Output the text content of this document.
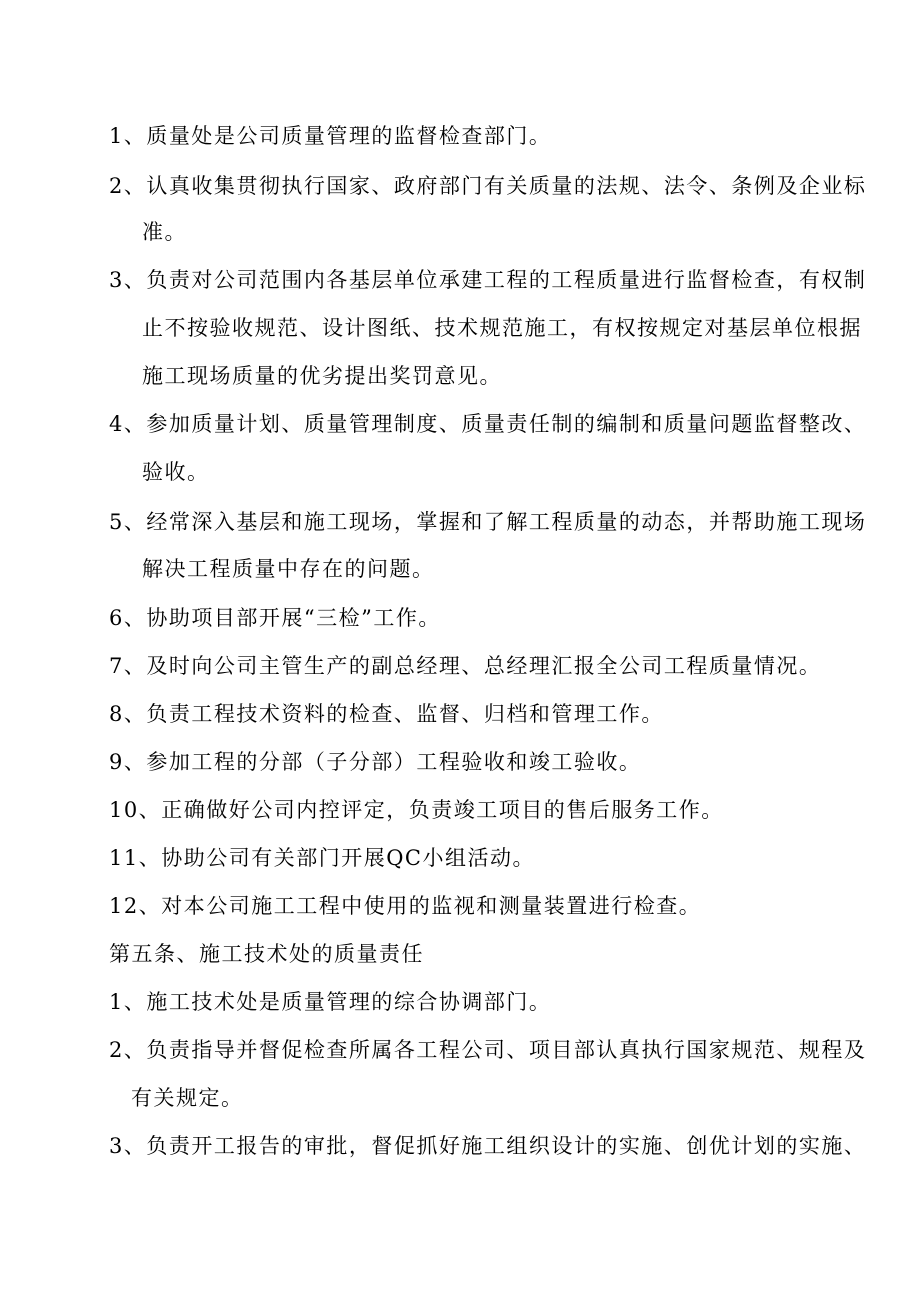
1、质量处是公司质量管理的监督检查部门。
2、认真收集贯彻执行国家、政府部门有关质量的法规、法令、条例及企业标
准。
3、负责对公司范围内各基层单位承建工程的工程质量进行监督检查，有权制
止不按验收规范、设计图纸、技术规范施工，有权按规定对基层单位根据
施工现场质量的优劣提出奖罚意见。
4、参加质量计划、质量管理制度、质量责任制的编制和质量问题监督整改、
验收。
5、经常深入基层和施工现场，掌握和了解工程质量的动态，并帮助施工现场
解决工程质量中存在的问题。
6、协助项目部开展“三检”工作。
7、及时向公司主管生产的副总经理、总经理汇报全公司工程质量情况。
8、负责工程技术资料的检查、监督、归档和管理工作。
9、参加工程的分部（子分部）工程验收和竣工验收。
10、正确做好公司内控评定，负责竣工项目的售后服务工作。
11、协助公司有关部门开展QC小组活动。
12、对本公司施工工程中使用的监视和测量装置进行检查。
第五条、施工技术处的质量责任
1、施工技术处是质量管理的综合协调部门。
2、负责指导并督促检查所属各工程公司、项目部认真执行国家规范、规程及
有关规定。
3、负责开工报告的审批，督促抓好施工组织设计的实施、创优计划的实施、
